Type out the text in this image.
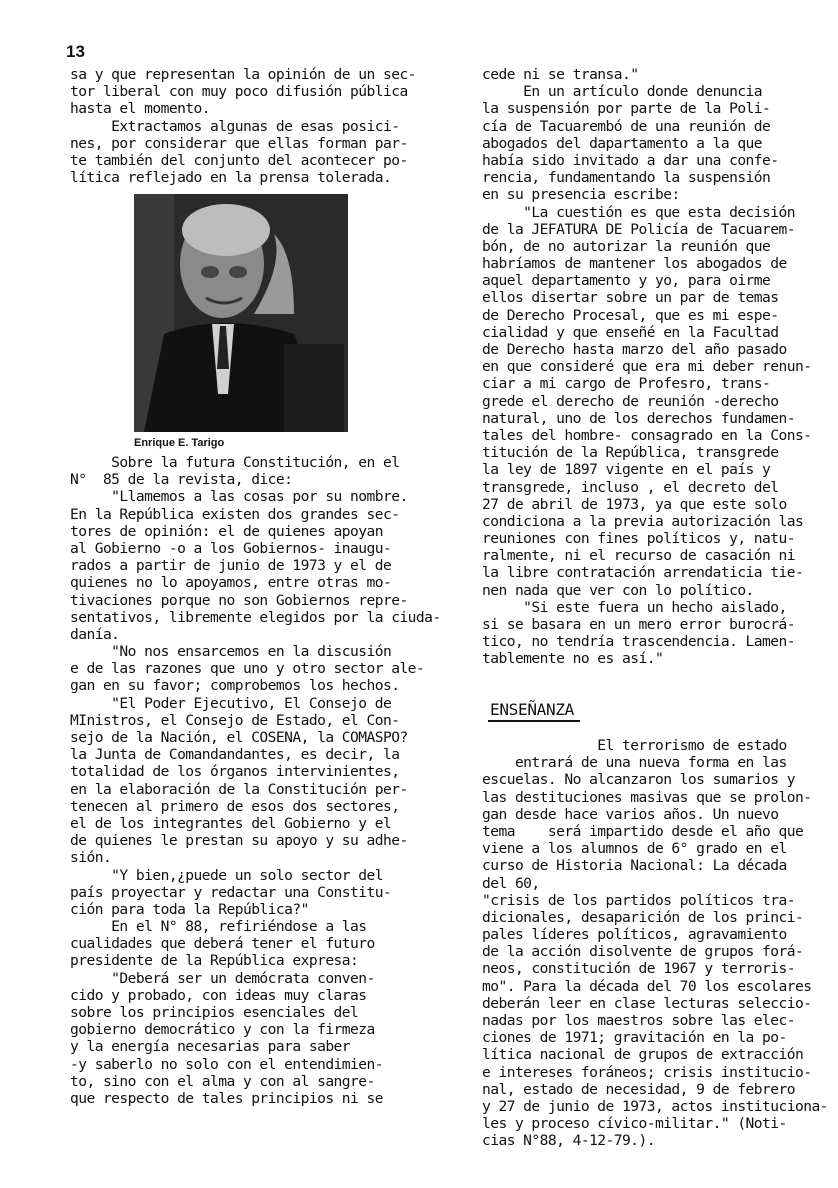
13
sa y que representan la opinión de un sec-
tor liberal con muy poco difusión pública
hasta el momento.
Extractamos algunas de esas posici-
nes, por considerar que ellas forman par-
te también del conjunto del acontecer po-
lítica reflejado en la prensa tolerada.
Enrique E. Tarigo
Sobre la futura Constitución, en el
N°  85 de la revista, dice:
"Llamemos a las cosas por su nombre.
En la República existen dos grandes sec-
tores de opinión: el de quienes apoyan
al Gobierno -o a los Gobiernos- inaugu-
rados a partir de junio de 1973 y el de
quienes no lo apoyamos, entre otras mo-
tivaciones porque no son Gobiernos repre-
sentativos, libremente elegidos por la ciuda-
danía.
"No nos ensarcemos en la discusión
e de las razones que uno y otro sector ale-
gan en su favor; comprobemos los hechos.
"El Poder Ejecutivo, El Consejo de
MInistros, el Consejo de Estado, el Con-
sejo de la Nación, el COSENA, la COMASPO?
la Junta de Comandandantes, es decir, la
totalidad de los órganos intervinientes,
en la elaboración de la Constitución per-
tenecen al primero de esos dos sectores,
el de los integrantes del Gobierno y el
de quienes le prestan su apoyo y su adhe-
sión.
"Y bien,¿puede un solo sector del
país proyectar y redactar una Constitu-
ción para toda la República?"
En el N° 88, refiriéndose a las
cualidades que deberá tener el futuro
presidente de la República expresa:
"Deberá ser un demócrata conven-
cido y probado, con ideas muy claras
sobre los principios esenciales del
gobierno democrático y con la firmeza
y la energía necesarias para saber
-y saberlo no solo con el entendimien-
to, sino con el alma y con al sangre-
que respecto de tales principios ni se
cede ni se transa."
En un artículo donde denuncia
la suspensión por parte de la Poli-
cía de Tacuarembó de una reunión de
abogados del dapartamento a la que
había sido invitado a dar una confe-
rencia, fundamentando la suspensión
en su presencia escribe:
"La cuestión es que esta decisión
de la JEFATURA DE Policía de Tacuarem-
bón, de no autorizar la reunión que
habríamos de mantener los abogados de
aquel departamento y yo, para oirme
ellos disertar sobre un par de temas
de Derecho Procesal, que es mi espe-
cialidad y que enseñé en la Facultad
de Derecho hasta marzo del año pasado
en que consideré que era mi deber renun-
ciar a mi cargo de Profesro, trans-
grede el derecho de reunión -derecho
natural, uno de los derechos fundamen-
tales del hombre- consagrado en la Cons-
titución de la República, transgrede
la ley de 1897 vigente en el país y
transgrede, incluso , el decreto del
27 de abril de 1973, ya que este solo
condiciona a la previa autorización las
reuniones con fines políticos y, natu-
ralmente, ni el recurso de casación ni
la libre contratación arrendaticia tie-
nen nada que ver con lo político.
"Si este fuera un hecho aislado,
si se basara en un mero error burocrá-
tico, no tendría trascendencia. Lamen-
tablemente no es así."
ENSEÑANZA
El terrorismo de estado
entrará de una nueva forma en las
escuelas. No alcanzaron los sumarios y
las destituciones masivas que se prolon-
gan desde hace varios años. Un nuevo
tema    será impartido desde el año que
viene a los alumnos de 6° grado en el
curso de Historia Nacional: La década
del 60,
"crisis de los partidos políticos tra-
dicionales, desaparición de los princi-
pales líderes políticos, agravamiento
de la acción disolvente de grupos forá-
neos, constitución de 1967 y terroris-
mo". Para la década del 70 los escolares
deberán leer en clase lecturas seleccio-
nadas por los maestros sobre las elec-
ciones de 1971; gravitación en la po-
lítica nacional de grupos de extracción
e intereses foráneos; crisis institucio-
nal, estado de necesidad, 9 de febrero
y 27 de junio de 1973, actos instituciona-
les y proceso cívico-militar." (Noti-
cias N°88, 4-12-79.).
